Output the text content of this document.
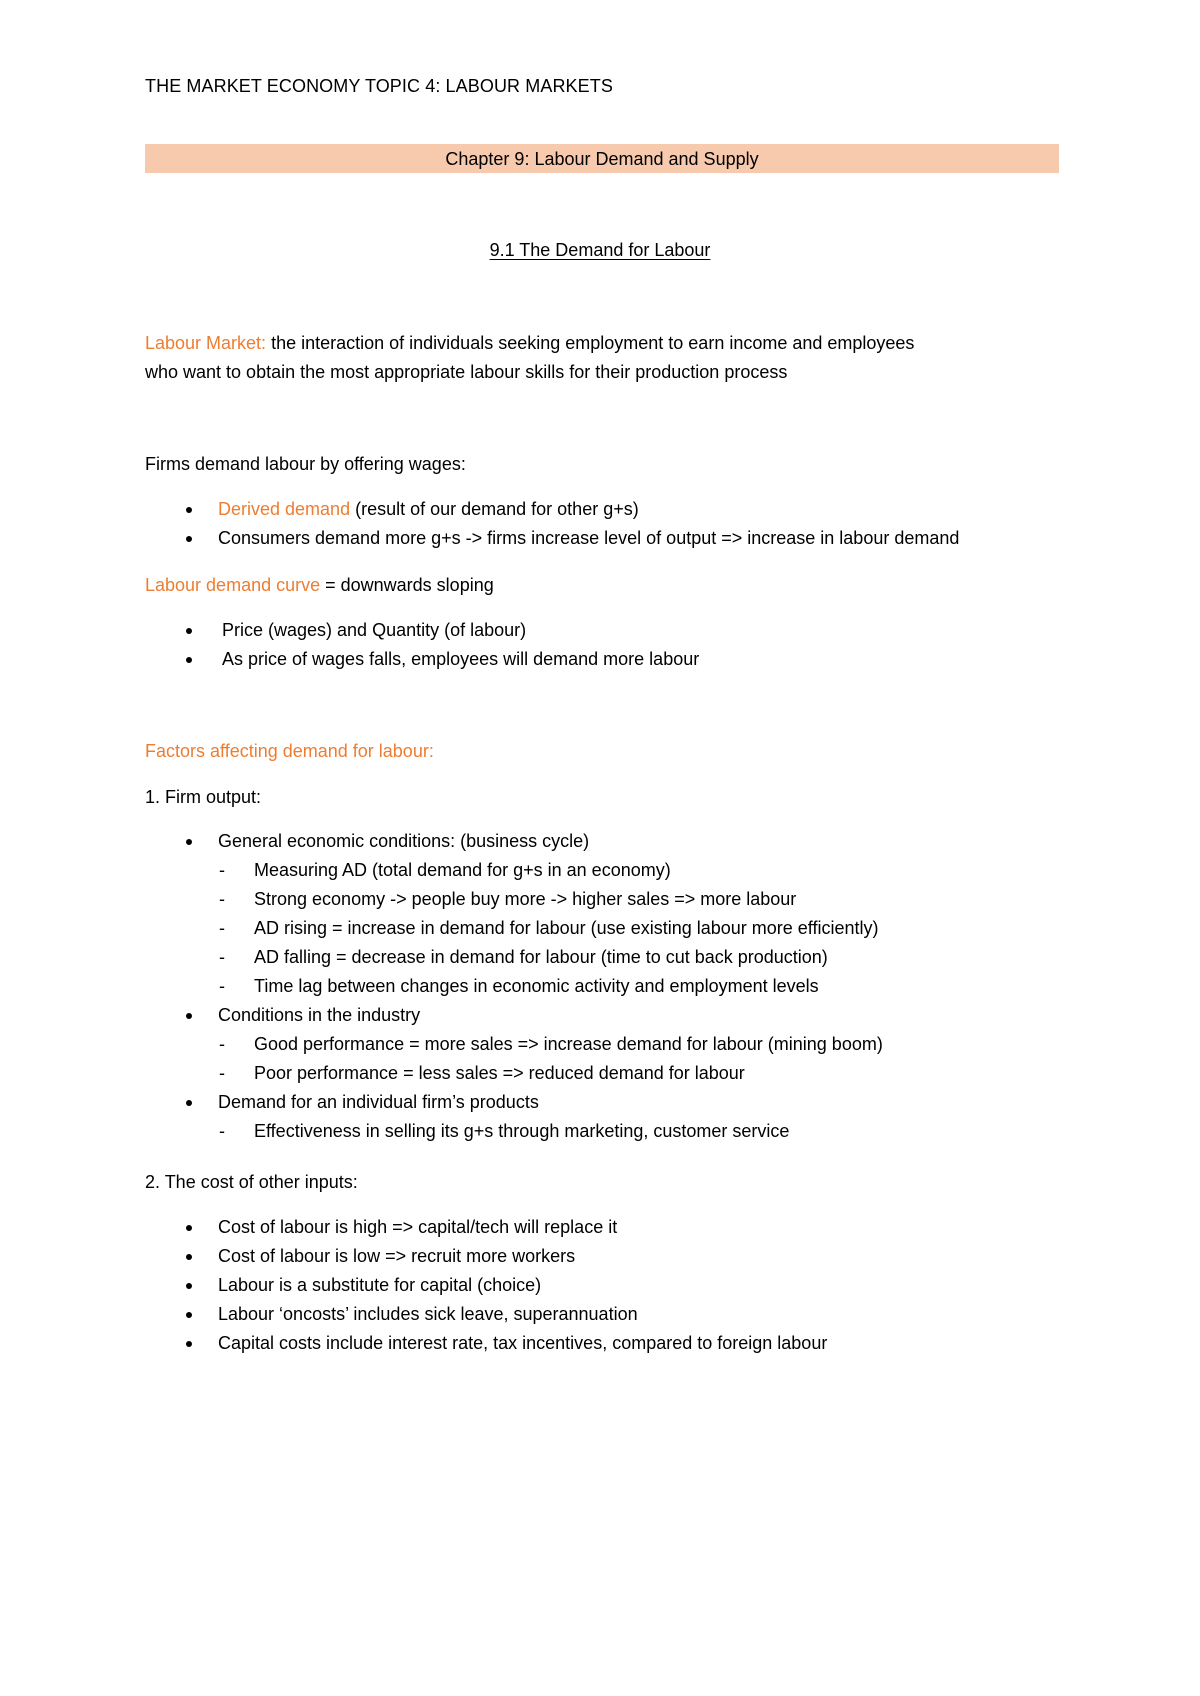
THE MARKET ECONOMY TOPIC 4: LABOUR MARKETS
Chapter 9: Labour Demand and Supply
9.1 The Demand for Labour
Labour Market: the interaction of individuals seeking employment to earn income and employees
who want to obtain the most appropriate labour skills for their production process
Firms demand labour by offering wages:
Derived demand (result of our demand for other g+s)
Consumers demand more g+s -> firms increase level of output => increase in labour demand
Labour demand curve = downwards sloping
Price (wages) and Quantity (of labour)
As price of wages falls, employees will demand more labour
Factors affecting demand for labour:
1. Firm output:
General economic conditions: (business cycle)
- Measuring AD (total demand for g+s in an economy)
- Strong economy -> people buy more -> higher sales => more labour
- AD rising = increase in demand for labour (use existing labour more efficiently)
- AD falling = decrease in demand for labour (time to cut back production)
- Time lag between changes in economic activity and employment levels
Conditions in the industry
- Good performance = more sales => increase demand for labour (mining boom)
- Poor performance = less sales => reduced demand for labour
Demand for an individual firm’s products
- Effectiveness in selling its g+s through marketing, customer service
2. The cost of other inputs:
Cost of labour is high => capital/tech will replace it
Cost of labour is low => recruit more workers
Labour is a substitute for capital (choice)
Labour ‘oncosts’ includes sick leave, superannuation
Capital costs include interest rate, tax incentives, compared to foreign labour
